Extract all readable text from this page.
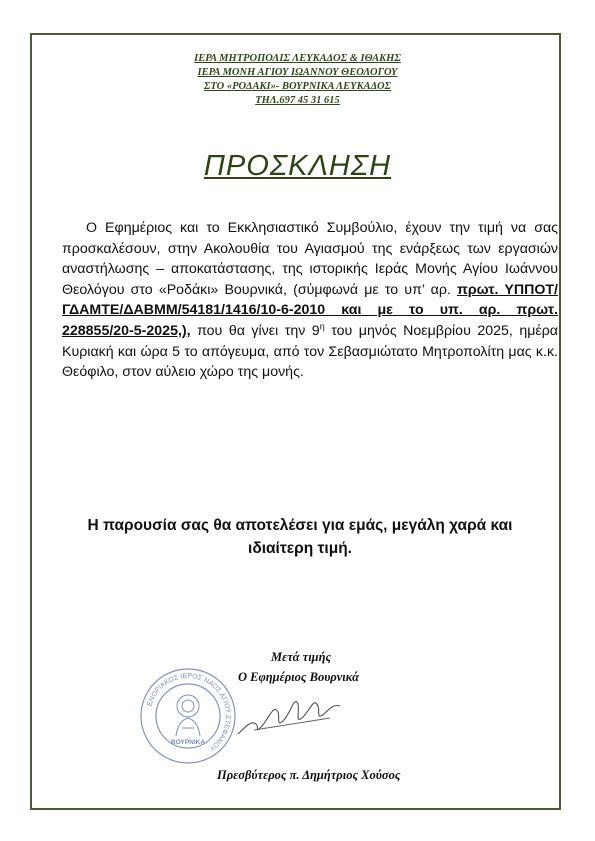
ΙΕΡΑ ΜΗΤΡΟΠΟΛΙΣ ΛΕΥΚΑΔΟΣ & ΙΘΑΚΗΣ
ΙΕΡΑ ΜΟΝΗ ΑΓΙΟΥ ΙΩΑΝΝΟΥ ΘΕΟΛΟΓΟΥ
ΣΤΟ «ΡΟΔΑΚΙ»- ΒΟΥΡΝΙΚΑ ΛΕΥΚΑΔΟΣ
ΤΗΛ.697 45 31 615
ΠΡΟΣΚΛΗΣΗ
Ο Εφημέριος και το Εκκλησιαστικό Συμβούλιο, έχουν την τιμή να σας προσκαλέσουν, στην Ακολουθία του Αγιασμού της ενάρξεως των εργασιών αναστήλωσης – αποκατάστασης, της ιστορικής Ιεράς Μονής Αγίου Ιωάννου Θεολόγου στο «Ροδάκι» Βουρνικά, (σύμφωνά με το υπ’ αρ. πρωτ. ΥΠΠΟΤ/ΓΔΑΜΤΕ/ΔΑΒΜΜ/54181/1416/10-6-2010 και με το υπ. αρ. πρωτ. 228855/20-5-2025,), που θα γίνει την $9^\eta$ του μηνός Νοεμβρίου 2025, ημέρα Κυριακή και ώρα 5 το απόγευμα, από τον Σεβασμιώτατο Μητροπολίτη μας κ.κ. Θεόφιλο, στον αύλειο χώρο της μονής.
Η παρουσία σας θα αποτελέσει για εμάς, μεγάλη χαρά και
ιδιαίτερη τιμή.
Μετά τιμής
Ο Εφημέριος Βουρνικά
ΕΝΟΡΙΑΚΟΣ ΙΕΡΟΣ ΝΑΟΣ ΑΓΙΟΥ ΣΤΕΦΑΝΟΥ
ΒΟΥΡΝΙΚΑ
Πρεσβύτερος π. Δημήτριος Χούσος
